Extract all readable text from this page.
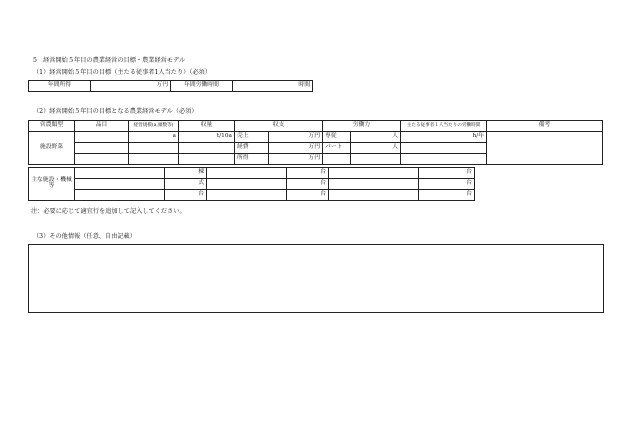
5　経営開始５年目の農業経営の目標・農業経営モデル
（1）経営開始５年目の目標（主たる従事者1人当たり）（必須）
年間所得	万円	年間労働時間	時間
（2）経営開始５年目の目標となる農業経営モデル（必須）
営農類型	品目	経営規模(a,頭数等)	収量	収支		労働力		主たる従事者１人当たりの労働時間	備考
施設野菜		a	t/10a	売上	万円	専従	人	h/年	
				経費	万円	パート	人		
				所得	万円				
主な施設・機械等		棟		台		台
		式		台		台
		台		台		台
注：必要に応じて適宜行を追加して記入してください。
（3）その他情報（任意、自由記載）
